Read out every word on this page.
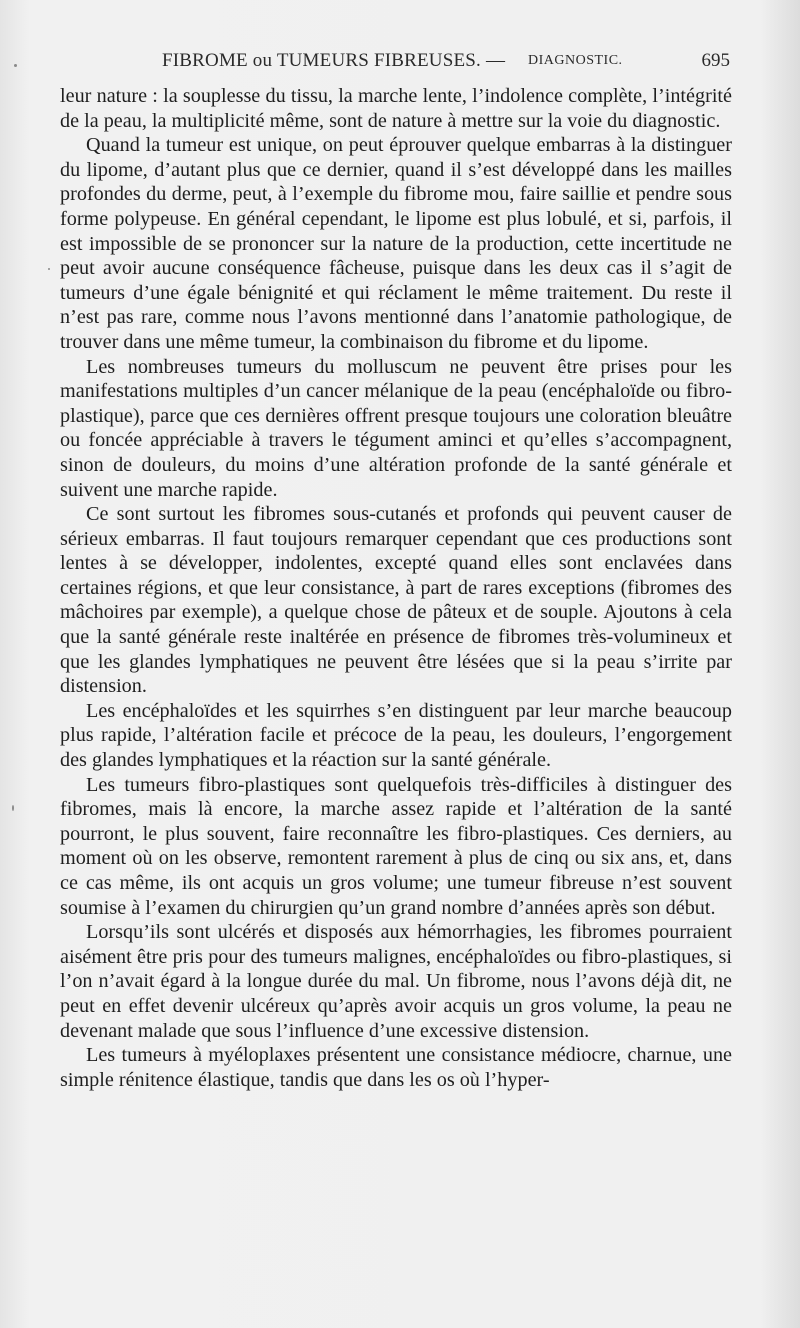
FIBROME ou TUMEURS FIBREUSES. — DIAGNOSTIC.	695

leur nature : la souplesse du tissu, la marche lente, l’indolence complète, l’intégrité de la peau, la multiplicité même, sont de nature à mettre sur la voie du diagnostic.

Quand la tumeur est unique, on peut éprouver quelque embarras à la distinguer du lipome, d’autant plus que ce dernier, quand il s’est développé dans les mailles profondes du derme, peut, à l’exemple du fibrome mou, faire saillie et pendre sous forme polypeuse. En général cependant, le lipome est plus lobulé, et si, parfois, il est impossible de se prononcer sur la nature de la production, cette incertitude ne peut avoir aucune conséquence fâcheuse, puisque dans les deux cas il s’agit de tumeurs d’une égale bénignité et qui réclament le même traitement. Du reste il n’est pas rare, comme nous l’avons mentionné dans l’anatomie pathologique, de trouver dans une même tumeur, la combinaison du fibrome et du lipome.

Les nombreuses tumeurs du molluscum ne peuvent être prises pour les manifestations multiples d’un cancer mélanique de la peau (encéphaloïde ou fibro-plastique), parce que ces dernières offrent presque toujours une coloration bleuâtre ou foncée appréciable à travers le tégument aminci et qu’elles s’accompagnent, sinon de douleurs, du moins d’une altération profonde de la santé générale et suivent une marche rapide.

Ce sont surtout les fibromes sous-cutanés et profonds qui peuvent causer de sérieux embarras. Il faut toujours remarquer cependant que ces productions sont lentes à se développer, indolentes, excepté quand elles sont enclavées dans certaines régions, et que leur consistance, à part de rares exceptions (fibromes des mâchoires par exemple), a quelque chose de pâteux et de souple. Ajoutons à cela que la santé générale reste inaltérée en présence de fibromes très-volumineux et que les glandes lymphatiques ne peuvent être lésées que si la peau s’irrite par distension.

Les encéphaloïdes et les squirrhes s’en distinguent par leur marche beaucoup plus rapide, l’altération facile et précoce de la peau, les douleurs, l’engorgement des glandes lymphatiques et la réaction sur la santé générale.

Les tumeurs fibro-plastiques sont quelquefois très-difficiles à distinguer des fibromes, mais là encore, la marche assez rapide et l’altération de la santé pourront, le plus souvent, faire reconnaître les fibro-plastiques. Ces derniers, au moment où on les observe, remontent rarement à plus de cinq ou six ans, et, dans ce cas même, ils ont acquis un gros volume; une tumeur fibreuse n’est souvent soumise à l’examen du chirurgien qu’un grand nombre d’années après son début.

Lorsqu’ils sont ulcérés et disposés aux hémorrhagies, les fibromes pourraient aisément être pris pour des tumeurs malignes, encéphaloïdes ou fibro-plastiques, si l’on n’avait égard à la longue durée du mal. Un fibrome, nous l’avons déjà dit, ne peut en effet devenir ulcéreux qu’après avoir acquis un gros volume, la peau ne devenant malade que sous l’influence d’une excessive distension.

Les tumeurs à myéloplaxes présentent une consistance médiocre, charnue, une simple rénitence élastique, tandis que dans les os où l’hyper-
